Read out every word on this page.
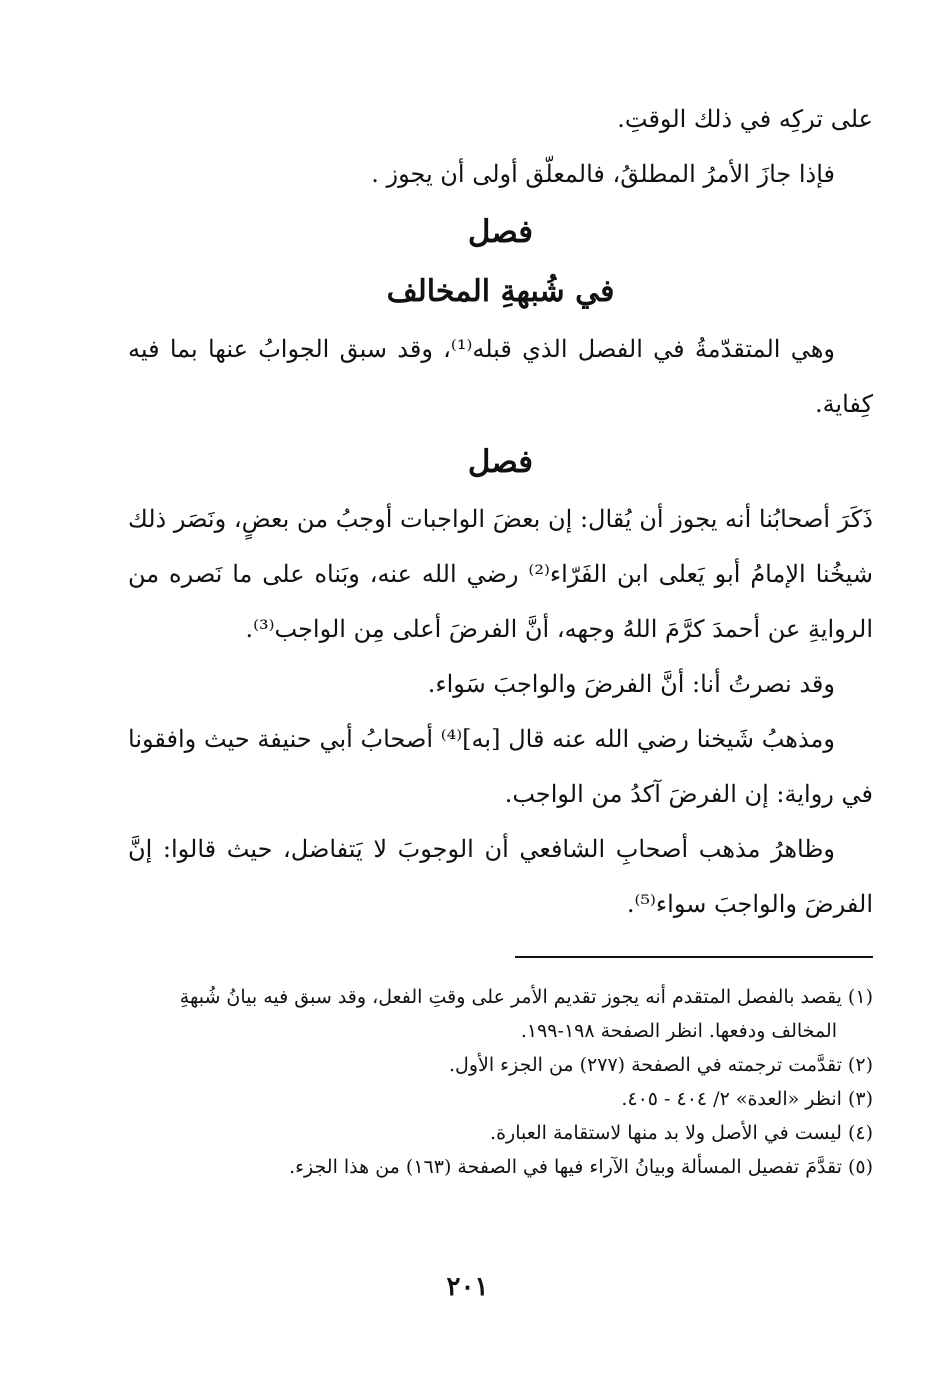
على تركِه في ذلك الوقتِ.

فإذا جازَ الأمرُ المطلقُ، فالمعلّق أولى أن يجوز .

فصل
في شُبهةِ المخالف

وهي المتقدّمةُ في الفصل الذي قبله⁽¹⁾، وقد سبق الجوابُ عنها بما فيه كِفاية.

فصل

ذَكَرَ أصحابُنا أنه يجوز أن يُقال: إن بعضَ الواجبات أوجبُ من بعضٍ، ونَصَر ذلك شيخُنا الإمامُ أبو يَعلى ابن الفَرّاء⁽²⁾ رضي الله عنه، وبَناه على ما نَصره من الروايةِ عن أحمدَ كرَّمَ اللهُ وجهه، أنَّ الفرضَ أعلى مِن الواجب⁽³⁾.

وقد نصرتُ أنا: أنَّ الفرضَ والواجبَ سَواء.

ومذهبُ شَيخنا رضي الله عنه قال [به]⁽⁴⁾ أصحابُ أبي حنيفة حيث وافقونا في رواية: إن الفرضَ آكدُ من الواجب.

وظاهرُ مذهب أصحابِ الشافعي أن الوجوبَ لا يَتفاضل، حيث قالوا: إنَّ الفرضَ والواجبَ سواء⁽⁵⁾.

(١) يقصد بالفصل المتقدم أنه يجوز تقديم الأمر على وقتِ الفعل، وقد سبق فيه بيانُ شُبهةِ

المخالف ودفعها. انظر الصفحة ١٩٨-١٩٩.

(٢) تقدَّمت ترجمته في الصفحة (٢٧٧) من الجزء الأول.

(٣) انظر «العدة» ٢/ ٤٠٤ - ٤٠٥.

(٤) ليست في الأصل ولا بد منها لاستقامة العبارة.

(٥) تقدَّمَ تفصيل المسألة وبيانُ الآراء فيها في الصفحة (١٦٣) من هذا الجزء.

٢٠١
